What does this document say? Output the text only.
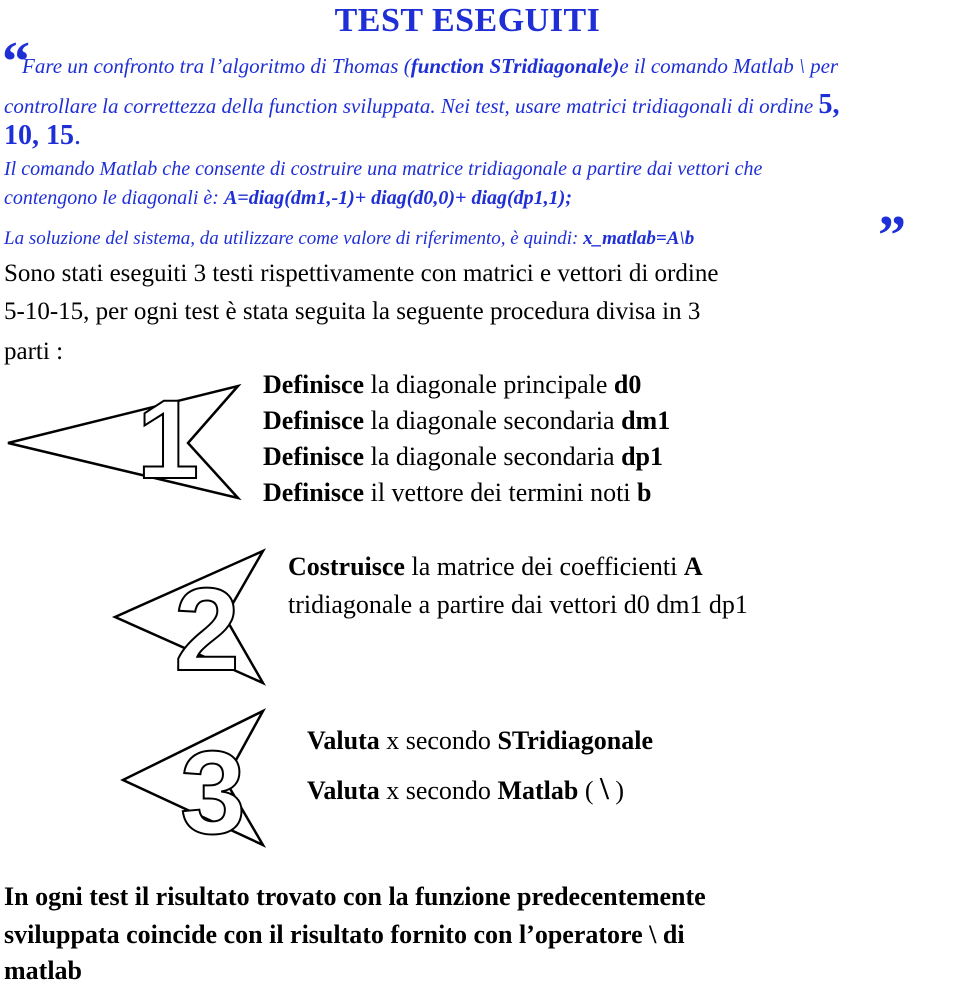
TEST ESEGUITI
“
”
Fare un confronto tra l’algoritmo di Thomas (function STridiagonale)e il comando Matlab \ per
controllare la correttezza della function sviluppata. Nei test, usare matrici tridiagonali di ordine 5,
10, 15.
Il comando Matlab che consente di costruire una matrice tridiagonale a partire dai vettori che
contengono le diagonali è: A=diag(dm1,-1)+ diag(d0,0)+ diag(dp1,1);
La soluzione del sistema, da utilizzare come valore di riferimento, è quindi: x_matlab=A\b
Sono stati eseguiti 3 testi rispettivamente con matrici e vettori di ordine
5-10-15, per ogni test è stata seguita la seguente procedura divisa in 3
parti :
1
2
3
Definisce la diagonale principale d0
Definisce la diagonale secondaria dm1
Definisce la diagonale secondaria dp1
Definisce il vettore dei termini noti b
Costruisce la matrice dei coefficienti A
tridiagonale a partire dai vettori d0 dm1 dp1
Valuta x secondo STridiagonale
Valuta x secondo Matlab ( \ )
In ogni test il risultato trovato con la funzione predecentemente
sviluppata coincide con il risultato fornito con l’operatore \ di
matlab
